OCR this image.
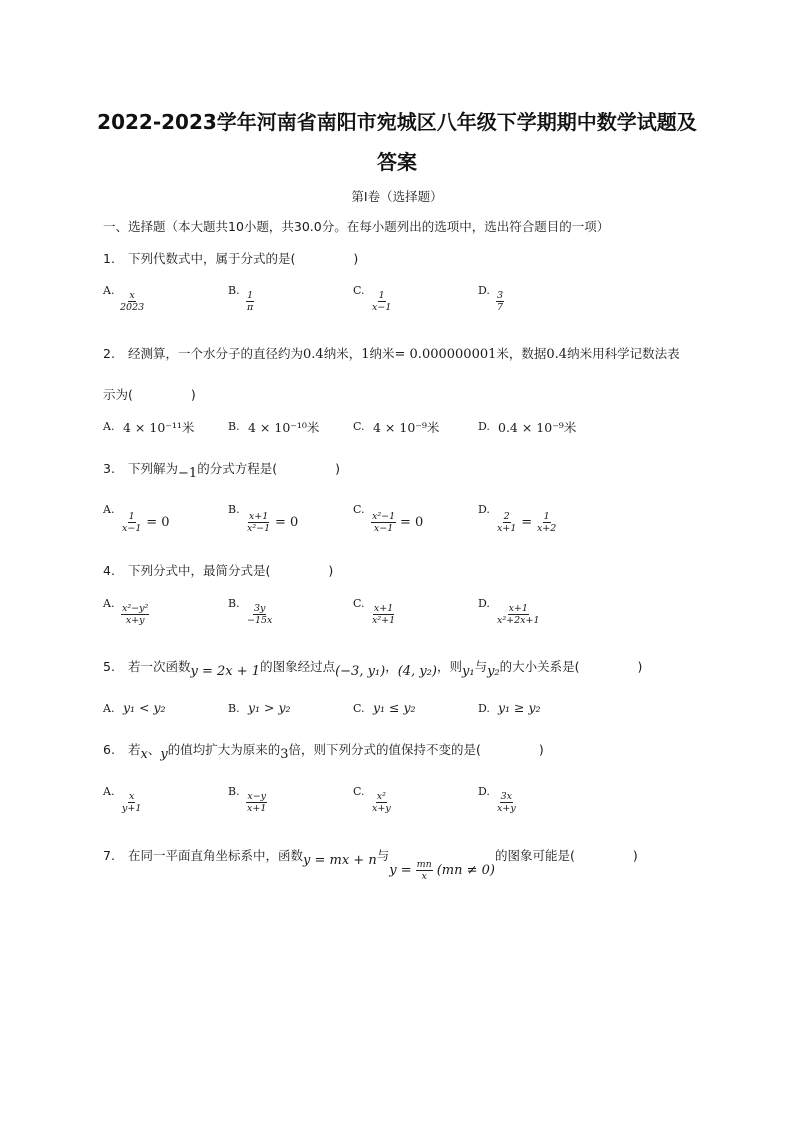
2022-2023学年河南省南阳市宛城区八年级下学期期中数学试题及
答案
第I卷（选择题）
一、选择题（本大题共10小题，共30.0分。在每小题列出的选项中，选出符合题目的一项）
1. 下列代数式中，属于分式的是(	)
A. $\frac{x}{2023}$	B. $\frac{1}{\pi}$	C. $\frac{1}{x-1}$	D. $\frac{3}{7}$
2. 经测算，一个水分子的直径约为0.4纳米，1纳米= 0.000000001米，数据0.4纳米用科学记数法表
示为(	)
A. 4 × 10⁻¹¹米	B. 4 × 10⁻¹⁰米	C. 4 × 10⁻⁹米	D. 0.4 × 10⁻⁹米
3. 下列解为−1的分式方程是(	)
A.
$\frac{1}{x-1} = 0$
B.
$\frac{x+1}{\text{x²−1}} = 0$
C.
$\frac{\text{x²−1}}{x-1} = 0$
D.
$\frac{2}{x+1} = \frac{1}{x+2}$
4. 下列分式中，最简分式是(	)
A. $\frac{\text{x²−y²}}{x+y}$	B. $\frac{3y}{-15x}$	C. $\frac{x+1}{\text{x²+1}}$	D. $\frac{x+1}{\text{x²+2x+1}}$
5. 若一次函数y = 2x + 1的图象经过点(−3, y₁)，(4, y₂)，则y₁与y₂的大小关系是(	)
A. y₁ < y₂	B. y₁ > y₂	C. y₁ ≤ y₂	D. y₁ ≥ y₂
6. 若x、y的值均扩大为原来的3倍，则下列分式的值保持不变的是(	)
A. $\frac{x}{y+1}$	B. $\frac{x-y}{x+1}$	C. $\frac{\text{x²}}{x+y}$	D. $\frac{3x}{x+y}$
7. 在同一平面直角坐标系中，函数y = mx + n与$y = \frac{mn}{x} (mn \ne 0)$的图象可能是(	)
